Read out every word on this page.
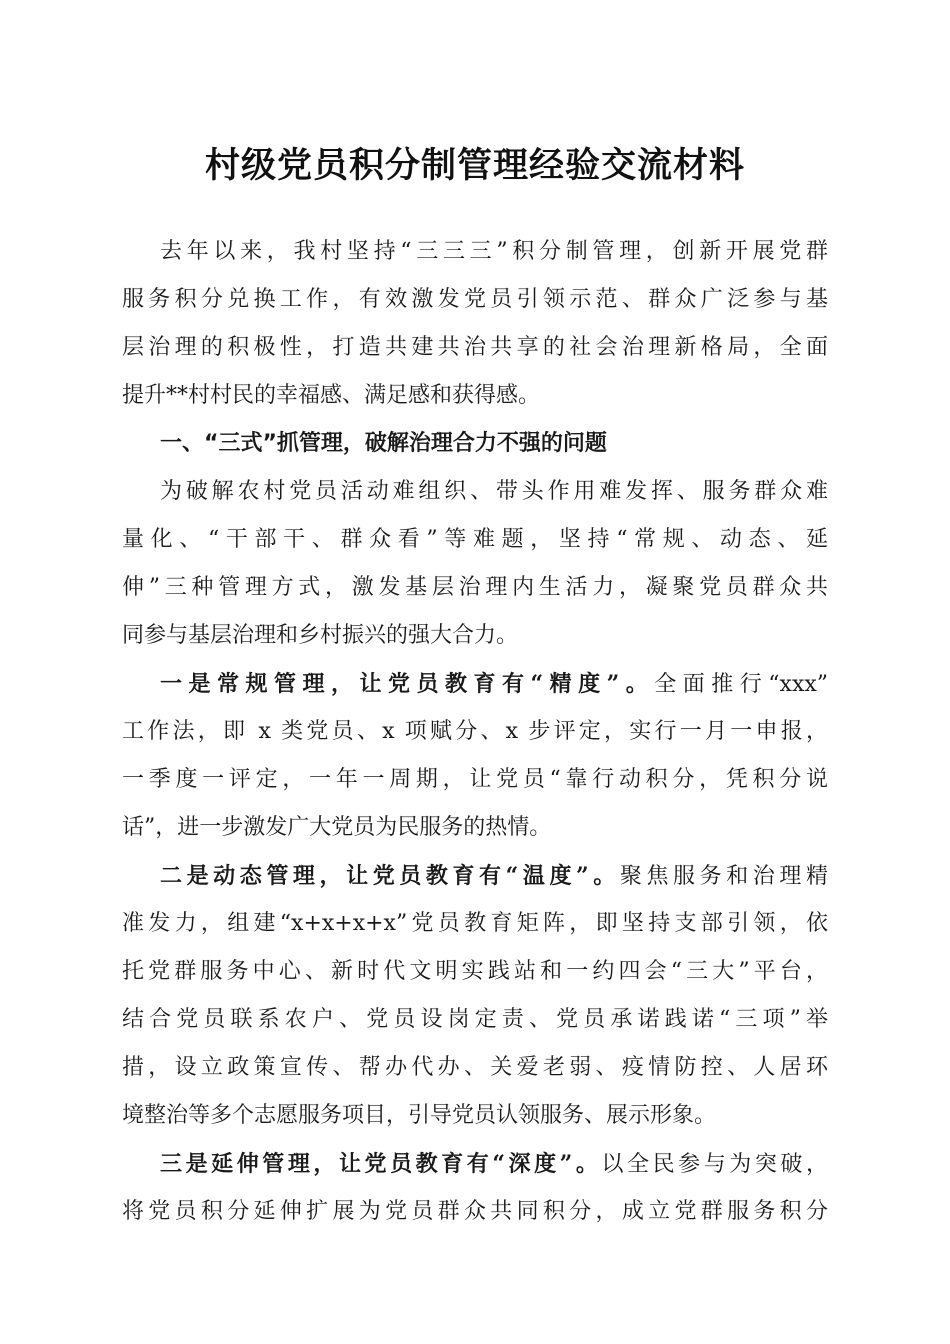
村级党员积分制管理经验交流材料
去年以来，我村坚持“三三三”积分制管理，创新开展党群
服务积分兑换工作，有效激发党员引领示范、群众广泛参与基
层治理的积极性，打造共建共治共享的社会治理新格局，全面
提升**村村民的幸福感、满足感和获得感。
一、“三式”抓管理，破解治理合力不强的问题
为破解农村党员活动难组织、带头作用难发挥、服务群众难
量化、“干部干、群众看”等难题，坚持“常规、动态、延
伸”三种管理方式，激发基层治理内生活力，凝聚党员群众共
同参与基层治理和乡村振兴的强大合力。
一是常规管理，让党员教育有“精度”。全面推行“xxx”
工作法，即 x 类党员、x 项赋分、x 步评定，实行一月一申报，
一季度一评定，一年一周期，让党员“靠行动积分，凭积分说
话”，进一步激发广大党员为民服务的热情。
二是动态管理，让党员教育有“温度”。聚焦服务和治理精
准发力，组建“x+x+x+x”党员教育矩阵，即坚持支部引领，依
托党群服务中心、新时代文明实践站和一约四会“三大”平台，
结合党员联系农户、党员设岗定责、党员承诺践诺“三项”举
措，设立政策宣传、帮办代办、关爱老弱、疫情防控、人居环
境整治等多个志愿服务项目，引导党员认领服务、展示形象。
三是延伸管理，让党员教育有“深度”。以全民参与为突破，
将党员积分延伸扩展为党员群众共同积分，成立党群服务积分
